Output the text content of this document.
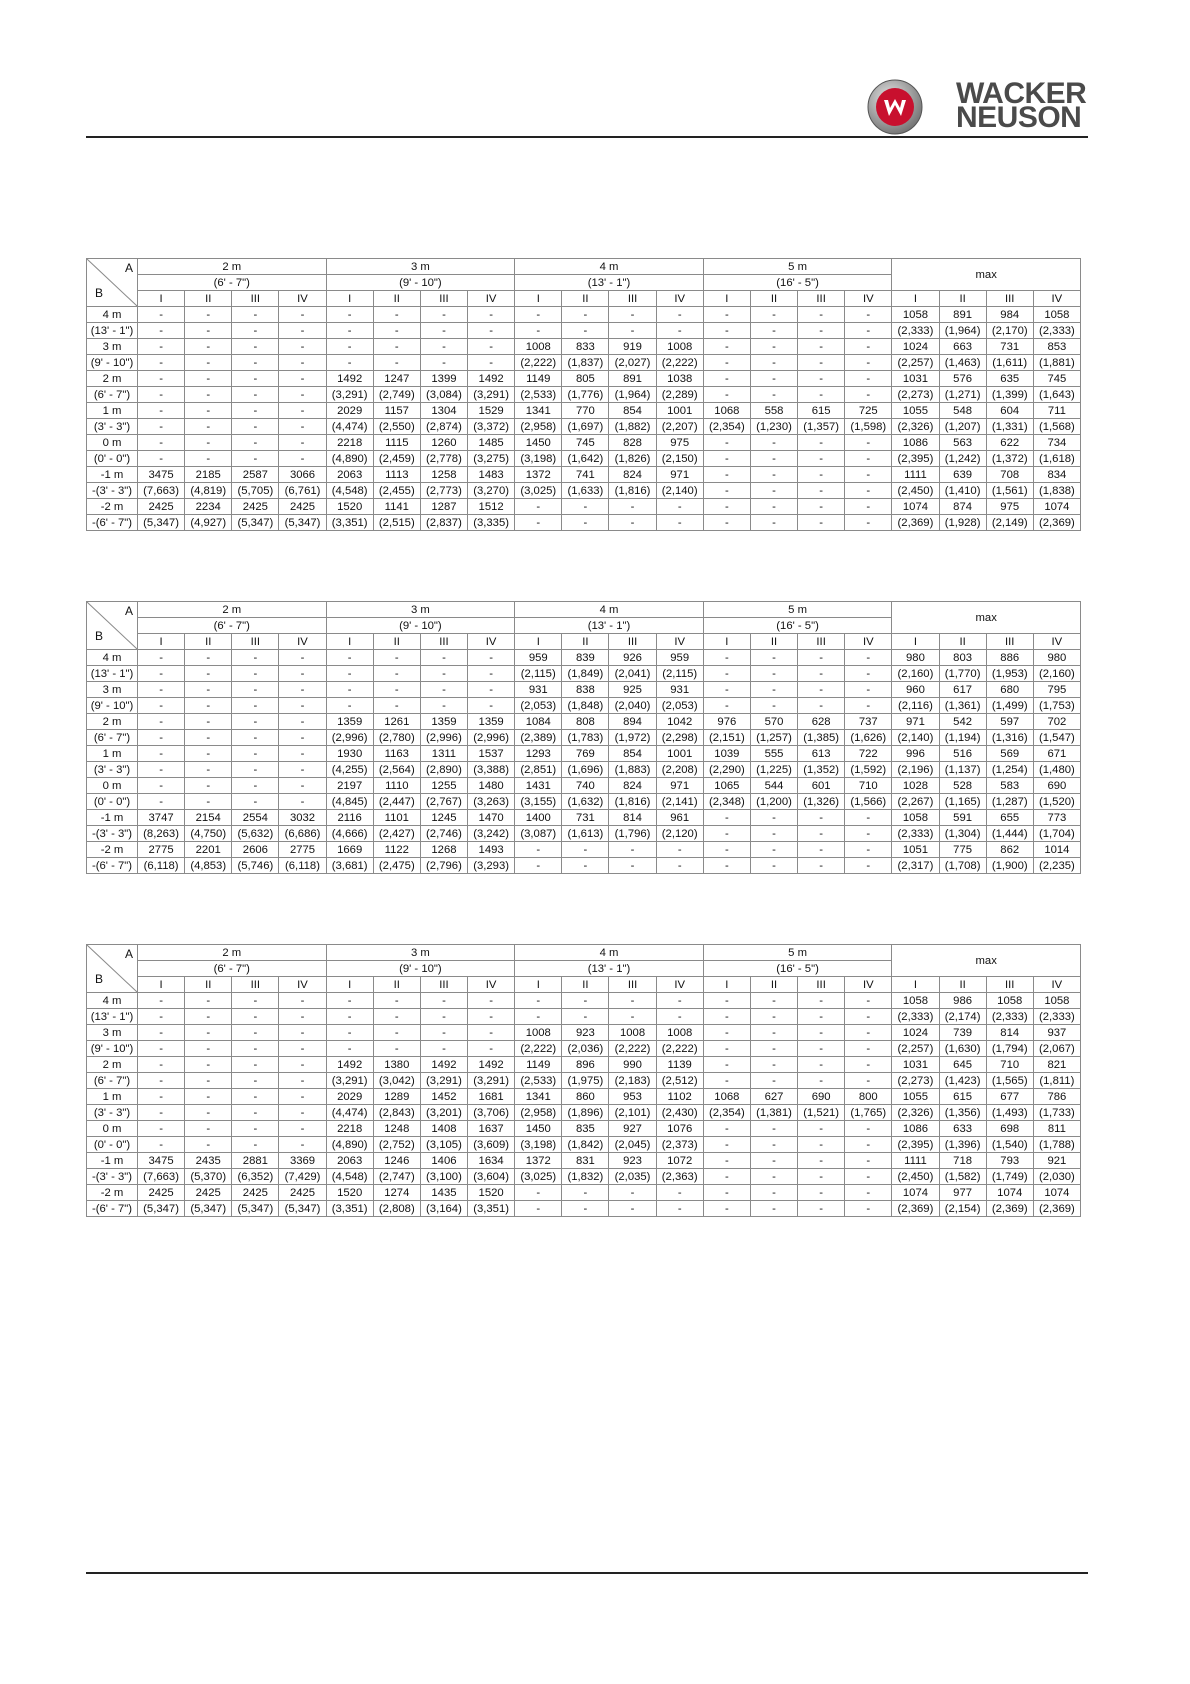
WACKER
NEUSON
A
B	2 m				3 m				4 m				5 m				max			
	(6' - 7")				(9' - 10")				(13' - 1")				(16' - 5")							
	I	II	III	IV	I	II	III	IV	I	II	III	IV	I	II	III	IV	I	II	III	IV
4 m	-	-	-	-	-	-	-	-	-	-	-	-	-	-	-	-	1058	891	984	1058
(13' - 1")	-	-	-	-	-	-	-	-	-	-	-	-	-	-	-	-	(2,333)	(1,964)	(2,170)	(2,333)
3 m	-	-	-	-	-	-	-	-	1008	833	919	1008	-	-	-	-	1024	663	731	853
(9' - 10")	-	-	-	-	-	-	-	-	(2,222)	(1,837)	(2,027)	(2,222)	-	-	-	-	(2,257)	(1,463)	(1,611)	(1,881)
2 m	-	-	-	-	1492	1247	1399	1492	1149	805	891	1038	-	-	-	-	1031	576	635	745
(6' - 7")	-	-	-	-	(3,291)	(2,749)	(3,084)	(3,291)	(2,533)	(1,776)	(1,964)	(2,289)	-	-	-	-	(2,273)	(1,271)	(1,399)	(1,643)
1 m	-	-	-	-	2029	1157	1304	1529	1341	770	854	1001	1068	558	615	725	1055	548	604	711
(3' - 3")	-	-	-	-	(4,474)	(2,550)	(2,874)	(3,372)	(2,958)	(1,697)	(1,882)	(2,207)	(2,354)	(1,230)	(1,357)	(1,598)	(2,326)	(1,207)	(1,331)	(1,568)
0 m	-	-	-	-	2218	1115	1260	1485	1450	745	828	975	-	-	-	-	1086	563	622	734
(0' - 0")	-	-	-	-	(4,890)	(2,459)	(2,778)	(3,275)	(3,198)	(1,642)	(1,826)	(2,150)	-	-	-	-	(2,395)	(1,242)	(1,372)	(1,618)
-1 m	3475	2185	2587	3066	2063	1113	1258	1483	1372	741	824	971	-	-	-	-	1111	639	708	834
-(3' - 3")	(7,663)	(4,819)	(5,705)	(6,761)	(4,548)	(2,455)	(2,773)	(3,270)	(3,025)	(1,633)	(1,816)	(2,140)	-	-	-	-	(2,450)	(1,410)	(1,561)	(1,838)
-2 m	2425	2234	2425	2425	1520	1141	1287	1512	-	-	-	-	-	-	-	-	1074	874	975	1074
-(6' - 7")	(5,347)	(4,927)	(5,347)	(5,347)	(3,351)	(2,515)	(2,837)	(3,335)	-	-	-	-	-	-	-	-	(2,369)	(1,928)	(2,149)	(2,369)
A
B	2 m				3 m				4 m				5 m				max			
	(6' - 7")				(9' - 10")				(13' - 1")				(16' - 5")							
	I	II	III	IV	I	II	III	IV	I	II	III	IV	I	II	III	IV	I	II	III	IV
4 m	-	-	-	-	-	-	-	-	959	839	926	959	-	-	-	-	980	803	886	980
(13' - 1")	-	-	-	-	-	-	-	-	(2,115)	(1,849)	(2,041)	(2,115)	-	-	-	-	(2,160)	(1,770)	(1,953)	(2,160)
3 m	-	-	-	-	-	-	-	-	931	838	925	931	-	-	-	-	960	617	680	795
(9' - 10")	-	-	-	-	-	-	-	-	(2,053)	(1,848)	(2,040)	(2,053)	-	-	-	-	(2,116)	(1,361)	(1,499)	(1,753)
2 m	-	-	-	-	1359	1261	1359	1359	1084	808	894	1042	976	570	628	737	971	542	597	702
(6' - 7")	-	-	-	-	(2,996)	(2,780)	(2,996)	(2,996)	(2,389)	(1,783)	(1,972)	(2,298)	(2,151)	(1,257)	(1,385)	(1,626)	(2,140)	(1,194)	(1,316)	(1,547)
1 m	-	-	-	-	1930	1163	1311	1537	1293	769	854	1001	1039	555	613	722	996	516	569	671
(3' - 3")	-	-	-	-	(4,255)	(2,564)	(2,890)	(3,388)	(2,851)	(1,696)	(1,883)	(2,208)	(2,290)	(1,225)	(1,352)	(1,592)	(2,196)	(1,137)	(1,254)	(1,480)
0 m	-	-	-	-	2197	1110	1255	1480	1431	740	824	971	1065	544	601	710	1028	528	583	690
(0' - 0")	-	-	-	-	(4,845)	(2,447)	(2,767)	(3,263)	(3,155)	(1,632)	(1,816)	(2,141)	(2,348)	(1,200)	(1,326)	(1,566)	(2,267)	(1,165)	(1,287)	(1,520)
-1 m	3747	2154	2554	3032	2116	1101	1245	1470	1400	731	814	961	-	-	-	-	1058	591	655	773
-(3' - 3")	(8,263)	(4,750)	(5,632)	(6,686)	(4,666)	(2,427)	(2,746)	(3,242)	(3,087)	(1,613)	(1,796)	(2,120)	-	-	-	-	(2,333)	(1,304)	(1,444)	(1,704)
-2 m	2775	2201	2606	2775	1669	1122	1268	1493	-	-	-	-	-	-	-	-	1051	775	862	1014
-(6' - 7")	(6,118)	(4,853)	(5,746)	(6,118)	(3,681)	(2,475)	(2,796)	(3,293)	-	-	-	-	-	-	-	-	(2,317)	(1,708)	(1,900)	(2,235)
A
B	2 m				3 m				4 m				5 m				max			
	(6' - 7")				(9' - 10")				(13' - 1")				(16' - 5")							
	I	II	III	IV	I	II	III	IV	I	II	III	IV	I	II	III	IV	I	II	III	IV
4 m	-	-	-	-	-	-	-	-	-	-	-	-	-	-	-	-	1058	986	1058	1058
(13' - 1")	-	-	-	-	-	-	-	-	-	-	-	-	-	-	-	-	(2,333)	(2,174)	(2,333)	(2,333)
3 m	-	-	-	-	-	-	-	-	1008	923	1008	1008	-	-	-	-	1024	739	814	937
(9' - 10")	-	-	-	-	-	-	-	-	(2,222)	(2,036)	(2,222)	(2,222)	-	-	-	-	(2,257)	(1,630)	(1,794)	(2,067)
2 m	-	-	-	-	1492	1380	1492	1492	1149	896	990	1139	-	-	-	-	1031	645	710	821
(6' - 7")	-	-	-	-	(3,291)	(3,042)	(3,291)	(3,291)	(2,533)	(1,975)	(2,183)	(2,512)	-	-	-	-	(2,273)	(1,423)	(1,565)	(1,811)
1 m	-	-	-	-	2029	1289	1452	1681	1341	860	953	1102	1068	627	690	800	1055	615	677	786
(3' - 3")	-	-	-	-	(4,474)	(2,843)	(3,201)	(3,706)	(2,958)	(1,896)	(2,101)	(2,430)	(2,354)	(1,381)	(1,521)	(1,765)	(2,326)	(1,356)	(1,493)	(1,733)
0 m	-	-	-	-	2218	1248	1408	1637	1450	835	927	1076	-	-	-	-	1086	633	698	811
(0' - 0")	-	-	-	-	(4,890)	(2,752)	(3,105)	(3,609)	(3,198)	(1,842)	(2,045)	(2,373)	-	-	-	-	(2,395)	(1,396)	(1,540)	(1,788)
-1 m	3475	2435	2881	3369	2063	1246	1406	1634	1372	831	923	1072	-	-	-	-	1111	718	793	921
-(3' - 3")	(7,663)	(5,370)	(6,352)	(7,429)	(4,548)	(2,747)	(3,100)	(3,604)	(3,025)	(1,832)	(2,035)	(2,363)	-	-	-	-	(2,450)	(1,582)	(1,749)	(2,030)
-2 m	2425	2425	2425	2425	1520	1274	1435	1520	-	-	-	-	-	-	-	-	1074	977	1074	1074
-(6' - 7")	(5,347)	(5,347)	(5,347)	(5,347)	(3,351)	(2,808)	(3,164)	(3,351)	-	-	-	-	-	-	-	-	(2,369)	(2,154)	(2,369)	(2,369)
